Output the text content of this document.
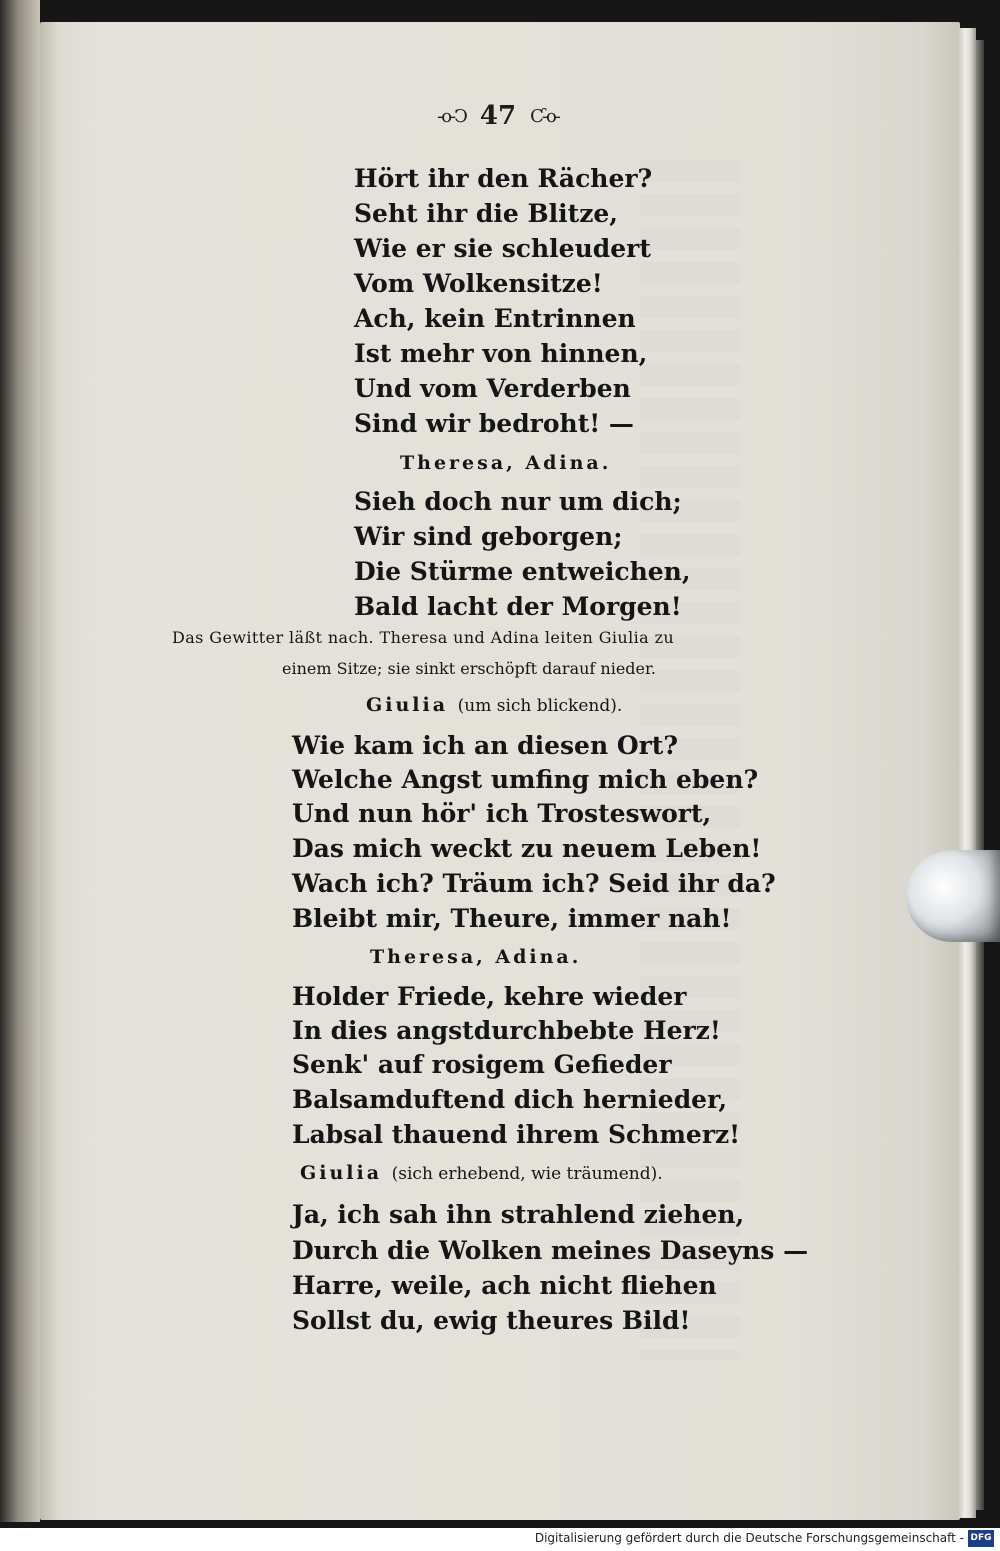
-o-Ↄ 47 Ƈ-o-
Hört ihr den Rächer?
Seht ihr die Blitze,
Wie er sie schleudert
Vom Wolkensitze!
Ach, kein Entrinnen
Ist mehr von hinnen,
Und vom Verderben
Sind wir bedroht! —
Theresa, Adina.
Sieh doch nur um dich;
Wir sind geborgen;
Die Stürme entweichen,
Bald lacht der Morgen!
Das Gewitter läßt nach. Theresa und Adina leiten Giulia zu
einem Sitze; sie sinkt erschöpft darauf nieder.
Giulia (um sich blickend).
Wie kam ich an diesen Ort?
Welche Angst umfing mich eben?
Und nun hör' ich Trosteswort,
Das mich weckt zu neuem Leben!
Wach ich? Träum ich? Seid ihr da?
Bleibt mir, Theure, immer nah!
Theresa, Adina.
Holder Friede, kehre wieder
In dies angstdurchbebte Herz!
Senk' auf rosigem Gefieder
Balsamduftend dich hernieder,
Labsal thauend ihrem Schmerz!
Giulia (sich erhebend, wie träumend).
Ja, ich sah ihn strahlend ziehen,
Durch die Wolken meines Daseyns —
Harre, weile, ach nicht fliehen
Sollst du, ewig theures Bild!
Digitalisierung gefördert durch die Deutsche Forschungsgemeinschaft - DFG
